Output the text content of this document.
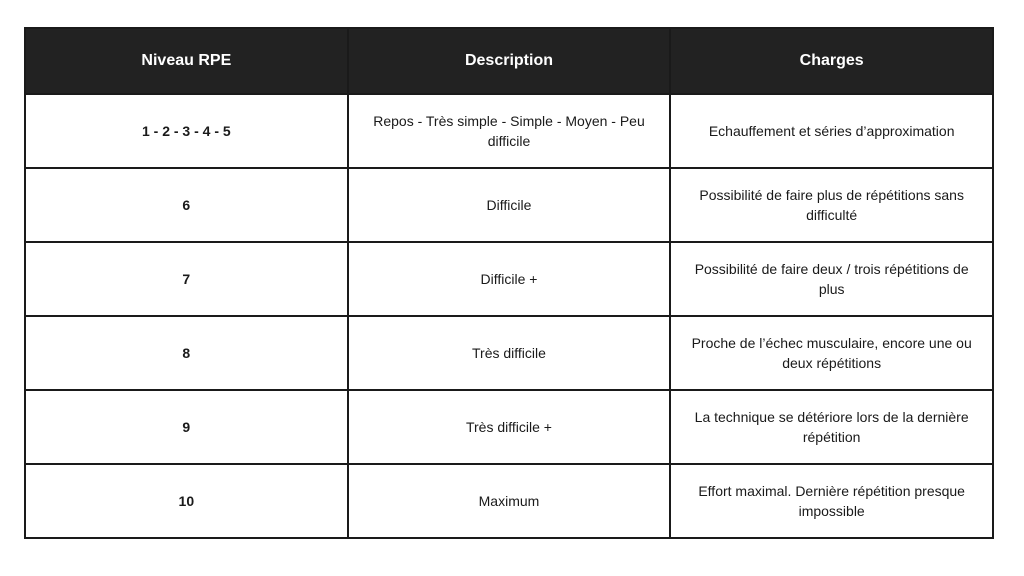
Niveau RPE	Description	Charges
1 - 2 - 3 - 4 - 5	Repos - Très simple - Simple - Moyen - Peu difficile	Echauffement et séries d’approximation
6	Difficile	Possibilité de faire plus de répétitions sans difficulté
7	Difficile +	Possibilité de faire deux / trois répétitions de plus
8	Très difficile	Proche de l’échec musculaire, encore une ou deux répétitions
9	Très difficile +	La technique se détériore lors de la dernière répétition
10	Maximum	Effort maximal. Dernière répétition presque impossible
